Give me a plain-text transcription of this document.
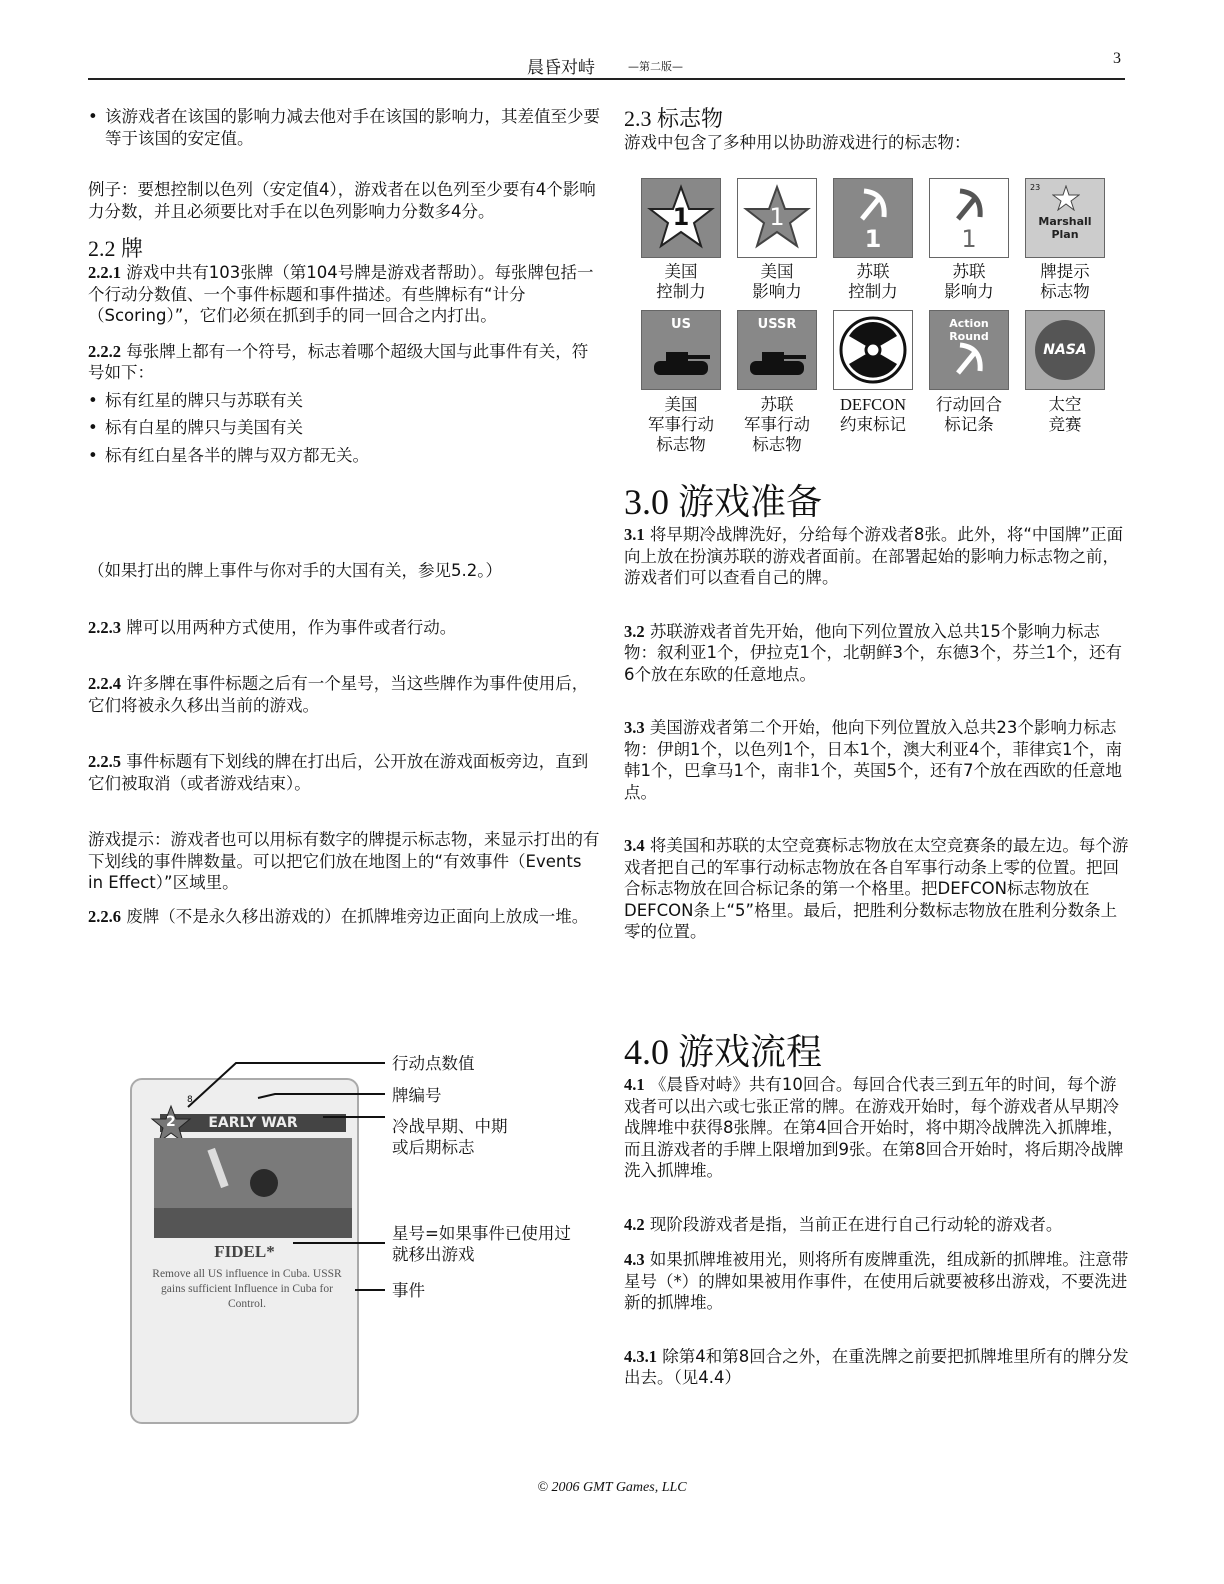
晨昏对峙	—第二版—	3

• 该游戏者在该国的影响力减去他对手在该国的影响力，其差值至少要等于该国的安定值。

例子：要想控制以色列（安定值4），游戏者在以色列至少要有4个影响力分数，并且必须要比对手在以色列影响力分数多4分。

2.2 牌

2.2.1 游戏中共有103张牌（第104号牌是游戏者帮助）。每张牌包括一个行动分数值、一个事件标题和事件描述。有些牌标有“计分（Scoring）”，它们必须在抓到手的同一回合之内打出。

2.2.2 每张牌上都有一个符号，标志着哪个超级大国与此事件有关，符号如下：

• 标有红星的牌只与苏联有关

• 标有白星的牌只与美国有关

• 标有红白星各半的牌与双方都无关。

（如果打出的牌上事件与你对手的大国有关，参见5.2。）

2.2.3 牌可以用两种方式使用，作为事件或者行动。

2.2.4 许多牌在事件标题之后有一个星号，当这些牌作为事件使用后，它们将被永久移出当前的游戏。

2.2.5 事件标题有下划线的牌在打出后，公开放在游戏面板旁边，直到它们被取消（或者游戏结束）。

游戏提示：游戏者也可以用标有数字的牌提示标志物，来显示打出的有下划线的事件牌数量。可以把它们放在地图上的“有效事件（Events in Effect）”区域里。

2.2.6 废牌（不是永久移出游戏的）在抓牌堆旁边正面向上放成一堆。

8
EARLY WAR
2
FIDEL*
Remove all US influence in Cuba. USSR gains sufficient Influence in Cuba for Control.
行动点数值
牌编号
冷战早期、中期或后期标志
星号=如果事件已使用过就移出游戏
事件

2.3 标志物

游戏中包含了多种用以协助游戏进行的标志物：

1	1
1	1
23
Marshall Plan
美国
控制力
美国
影响力
苏联
控制力
苏联
影响力
牌提示
标志物
US	USSR	Action Round
NASA
美国
军事行动
标志物
苏联
军事行动
标志物
DEFCON
约束标记
行动回合
标记条
太空
竞赛

3.0 游戏准备

3.1 将早期冷战牌洗好，分给每个游戏者8张。此外，将“中国牌”正面向上放在扮演苏联的游戏者面前。在部署起始的影响力标志物之前，游戏者们可以查看自己的牌。

3.2 苏联游戏者首先开始，他向下列位置放入总共15个影响力标志物：叙利亚1个，伊拉克1个，北朝鲜3个，东德3个，芬兰1个，还有6个放在东欧的任意地点。

3.3 美国游戏者第二个开始，他向下列位置放入总共23个影响力标志物：伊朗1个，以色列1个，日本1个，澳大利亚4个，菲律宾1个，南韩1个，巴拿马1个，南非1个，英国5个，还有7个放在西欧的任意地点。

3.4 将美国和苏联的太空竞赛标志物放在太空竞赛条的最左边。每个游戏者把自己的军事行动标志物放在各自军事行动条上零的位置。把回合标志物放在回合标记条的第一个格里。把DEFCON标志物放在DEFCON条上“5”格里。最后，把胜利分数标志物放在胜利分数条上零的位置。

4.0 游戏流程

4.1 《晨昏对峙》共有10回合。每回合代表三到五年的时间，每个游戏者可以出六或七张正常的牌。在游戏开始时，每个游戏者从早期冷战牌堆中获得8张牌。在第4回合开始时，将中期冷战牌洗入抓牌堆，而且游戏者的手牌上限增加到9张。在第8回合开始时，将后期冷战牌洗入抓牌堆。

4.2 现阶段游戏者是指，当前正在进行自己行动轮的游戏者。

4.3 如果抓牌堆被用光，则将所有废牌重洗，组成新的抓牌堆。注意带星号（*）的牌如果被用作事件，在使用后就要被移出游戏，不要洗进新的抓牌堆。

4.3.1 除第4和第8回合之外，在重洗牌之前要把抓牌堆里所有的牌分发出去。（见4.4）

© 2006 GMT Games, LLC
